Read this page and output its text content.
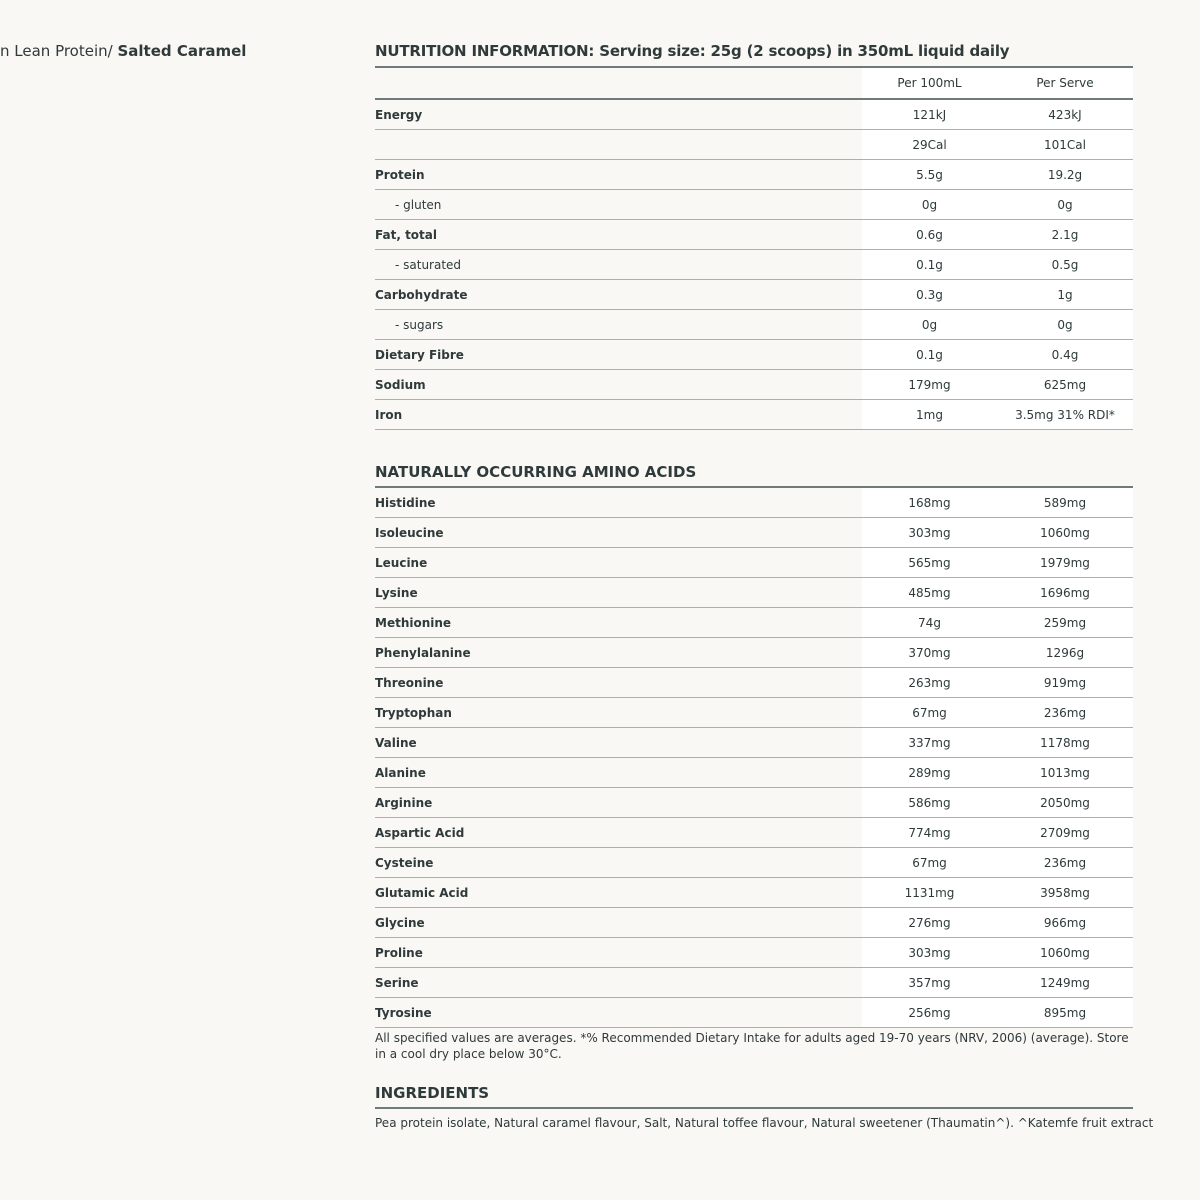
n Lean Protein/ Salted Caramel	NUTRITION INFORMATION: Serving size: 25g (2 scoops) in 350mL liquid daily
	Per 100mL	Per Serve
Energy	121kJ	423kJ
	29Cal	101Cal
Protein	5.5g	19.2g
- gluten	0g	0g
Fat, total	0.6g	2.1g
- saturated	0.1g	0.5g
Carbohydrate	0.3g	1g
- sugars	0g	0g
Dietary Fibre	0.1g	0.4g
Sodium	179mg	625mg
Iron	1mg	3.5mg 31% RDI*
NATURALLY OCCURRING AMINO ACIDS
Histidine	168mg	589mg
Isoleucine	303mg	1060mg
Leucine	565mg	1979mg
Lysine	485mg	1696mg
Methionine	74g	259mg
Phenylalanine	370mg	1296g
Threonine	263mg	919mg
Tryptophan	67mg	236mg
Valine	337mg	1178mg
Alanine	289mg	1013mg
Arginine	586mg	2050mg
Aspartic Acid	774mg	2709mg
Cysteine	67mg	236mg
Glutamic Acid	1131mg	3958mg
Glycine	276mg	966mg
Proline	303mg	1060mg
Serine	357mg	1249mg
Tyrosine	256mg	895mg
All specified values are averages. *% Recommended Dietary Intake for adults aged 19-70 years (NRV, 2006) (average). Store in a cool dry place below 30°C.
INGREDIENTS
Pea protein isolate, Natural caramel flavour, Salt, Natural toffee flavour, Natural sweetener (Thaumatin^). ^Katemfe fruit extract
